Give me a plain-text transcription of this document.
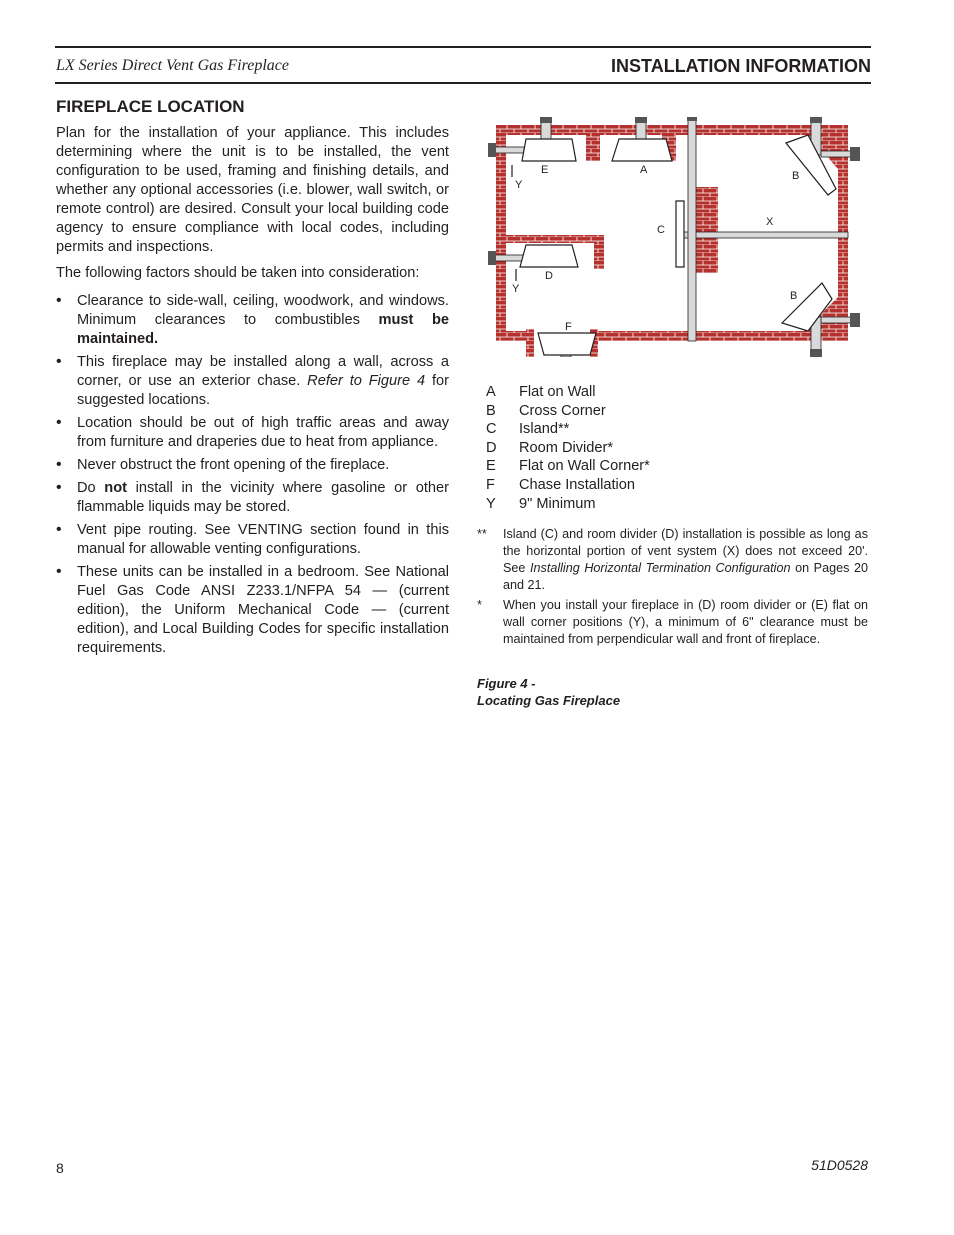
LX Series Direct Vent Gas Fireplace	INSTALLATION INFORMATION
FIREPLACE LOCATION

Plan for the installation of your appliance. This includes determining where the unit is to be installed, the vent configuration to be used, framing and finishing details, and whether any optional accessories (i.e. blower, wall switch, or remote control) are desired. Consult your local building code agency to ensure compliance with local codes, including permits and inspections.

The following factors should be taken into consideration:

• Clearance to side-wall, ceiling, woodwork, and windows. Minimum clearances to combustibles must be maintained.
• This fireplace may be installed along a wall, across a corner, or use an exterior chase. Refer to Figure 4 for suggested locations.
• Location should be out of high traffic areas and away from furniture and draperies due to heat from appliance.
• Never obstruct the front opening of the fireplace.
• Do not install in the vicinity where gasoline or other flammable liquids may be stored.
• Vent pipe routing. See VENTING section found in this manual for allowable venting configurations.
• These units can be installed in a bedroom. See National Fuel Gas Code ANSI Z233.1/NFPA 54 — (current edition), the Uniform Mechanical Code — (current edition), and Local Building Codes for specific installation requirements.
E	A	B
B
C
X
D
F
Y
Y
A	Flat on Wall
B	Cross Corner
C	Island**
D	Room Divider*
E	Flat on Wall Corner*
F	Chase Installation
Y	9" Minimum
**	Island (C) and room divider (D) installation is possible as long as the horizontal portion of vent system (X) does not exceed 20'. See Installing Horizontal Termination Configuration on Pages 20 and 21.
*	When you install your fireplace in (D) room divider or (E) flat on wall corner positions (Y), a minimum of 6" clearance must be maintained from perpendicular wall and front of fireplace.
Figure 4 -
Locating Gas Fireplace
8	51D0528
